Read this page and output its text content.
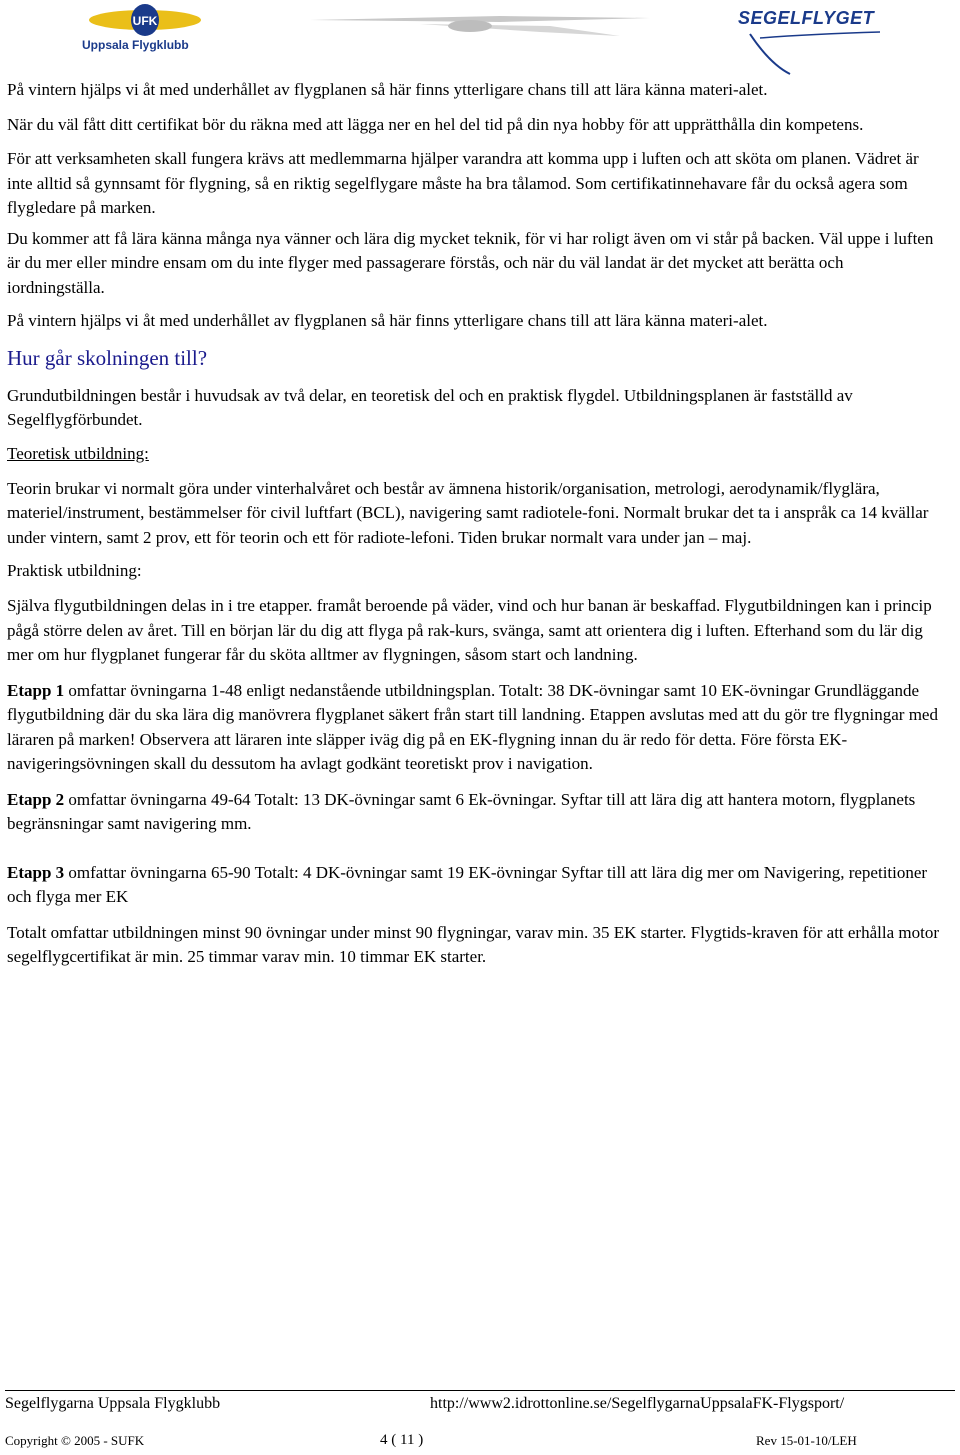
UFK
Uppsala Flygklubb
SEGELFLYGET

På vintern hjälps vi åt med underhållet av flygplanen så här finns ytterligare chans till att lära känna materi-alet.

När du väl fått ditt certifikat bör du räkna med att lägga ner en hel del tid på din nya hobby för att upprätthålla din kompetens.

För att verksamheten skall fungera krävs att medlemmarna hjälper varandra att komma upp i luften och att sköta om planen. Vädret är inte alltid så gynnsamt för flygning, så en riktig segelflygare måste ha bra tålamod. Som certifikatinnehavare får du också agera som flygledare på marken.

Du kommer att få lära känna många nya vänner och lära dig mycket teknik, för vi har roligt även om vi står på backen. Väl uppe i luften är du mer eller mindre ensam om du inte flyger med passagerare förstås, och när du väl landat är det mycket att berätta och iordningställa.

På vintern hjälps vi åt med underhållet av flygplanen så här finns ytterligare chans till att lära känna materi-alet.

Hur går skolningen till?

Grundutbildningen består i huvudsak av två delar, en teoretisk del och en praktisk flygdel. Utbildningsplanen är fastställd av Segelflygförbundet.

Teoretisk utbildning:

Teorin brukar vi normalt göra under vinterhalvåret och består av ämnena historik/organisation, metrologi, aerodynamik/flyglära, materiel/instrument, bestämmelser för civil luftfart (BCL), navigering samt radiotele-foni. Normalt brukar det ta i anspråk ca 14 kvällar under vintern, samt 2 prov, ett för teorin och ett för radiote-lefoni. Tiden brukar normalt vara under jan – maj.

Praktisk utbildning:

Själva flygutbildningen delas in i tre etapper. framåt beroende på väder, vind och hur banan är beskaffad. Flygutbildningen kan i princip pågå större delen av året. Till en början lär du dig att flyga på rak-kurs, svänga, samt att orientera dig i luften. Efterhand som du lär dig mer om hur flygplanet fungerar får du sköta alltmer av flygningen, såsom start och landning.

Etapp 1 omfattar övningarna 1-48 enligt nedanstående utbildningsplan. Totalt: 38 DK-övningar samt 10 EK-övningar Grundläggande flygutbildning där du ska lära dig manövrera flygplanet säkert från start till landning. Etappen avslutas med att du gör tre flygningar med läraren på marken! Observera att läraren inte släpper iväg dig på en EK-flygning innan du är redo för detta. Före första EK-navigeringsövningen skall du dessutom ha avlagt godkänt teoretiskt prov i navigation.

Etapp 2 omfattar övningarna 49-64 Totalt: 13 DK-övningar samt 6 Ek-övningar. Syftar till att lära dig att hantera motorn, flygplanets begränsningar samt navigering mm.

Etapp 3 omfattar övningarna 65-90 Totalt: 4 DK-övningar samt 19 EK-övningar Syftar till att lära dig mer om Navigering, repetitioner och flyga mer EK

Totalt omfattar utbildningen minst 90 övningar under minst 90 flygningar, varav min. 35 EK starter. Flygtids-kraven för att erhålla motor segelflygcertifikat är min. 25 timmar varav min. 10 timmar EK starter.

Segelflygarna Uppsala Flygklubb	http://www2.idrottonline.se/SegelflygarnaUppsalaFK-Flygsport/
Copyright © 2005 - SUFK	4 ( 11 )	Rev 15-01-10/LEH
